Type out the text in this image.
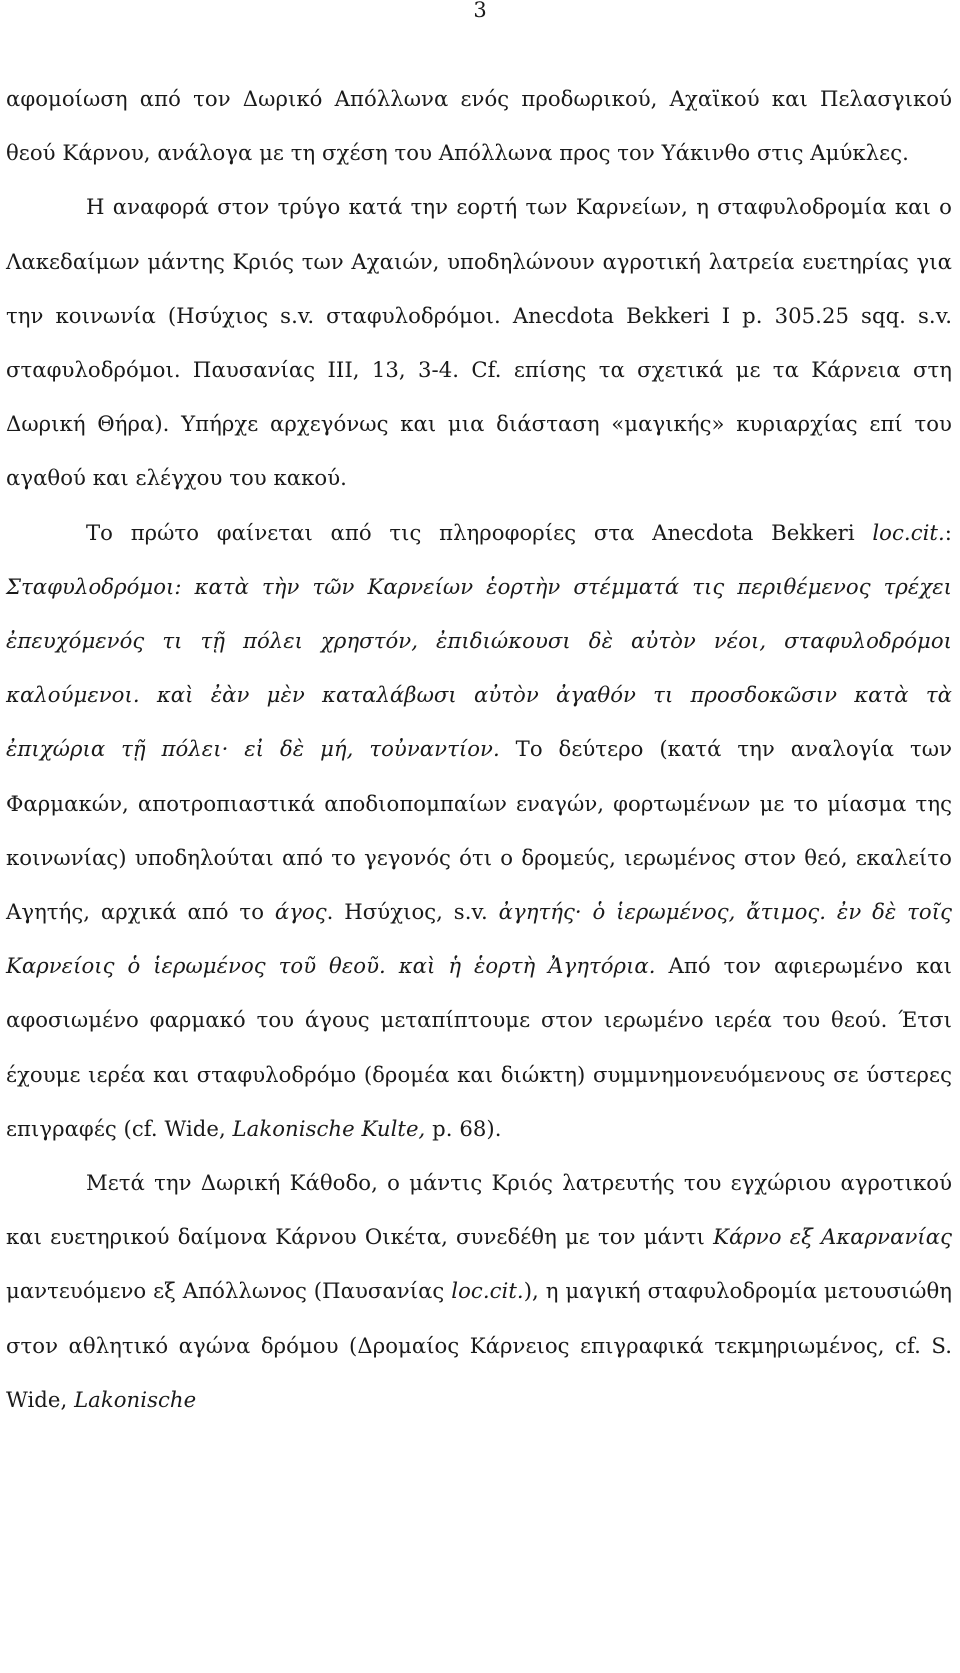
3

αφομοίωση από τον Δωρικό Απόλλωνα ενός προδωρικού, Αχαϊκού και Πελασγικού θεού Κάρνου, ανάλογα με τη σχέση του Απόλλωνα προς τον Υάκινθο στις Αμύκλες.

Η αναφορά στον τρύγο κατά την εορτή των Καρνείων, η σταφυλοδρομία και ο Λακεδαίμων μάντης Κριός των Αχαιών, υποδηλώνουν αγροτική λατρεία ευετηρίας για την κοινωνία (Ησύχιος s.v. σταφυλοδρόμοι. Anecdota Bekkeri I p. 305.25 sqq. s.v. σταφυλοδρόμοι. Παυσανίας III, 13, 3-4. Cf. επίσης τα σχετικά με τα Κάρνεια στη Δωρική Θήρα). Υπήρχε αρχεγόνως και μια διάσταση «μαγικής» κυριαρχίας επί του αγαθού και ελέγχου του κακού.

Το πρώτο φαίνεται από τις πληροφορίες στα Anecdota Bekkeri loc.cit.: Σταφυλοδρόμοι: κατὰ τὴν τῶν Καρνείων ἑορτὴν στέμματά τις περιθέμενος τρέχει ἐπευχόμενός τι τῇ πόλει χρηστόν, ἐπιδιώκουσι δὲ αὐτὸν νέοι, σταφυλοδρόμοι καλούμενοι. καὶ ἐὰν μὲν καταλάβωσι αὐτὸν ἀγαθόν τι προσδοκῶσιν κατὰ τὰ ἐπιχώρια τῇ πόλει· εἰ δὲ μή, τοὐναντίον. Το δεύτερο (κατά την αναλογία των Φαρμακών, αποτροπιαστικά αποδιοπομπαίων εναγών, φορτωμένων με το μίασμα της κοινωνίας) υποδηλούται από το γεγονός ότι ο δρομεύς, ιερωμένος στον θεό, εκαλείτο Αγητής, αρχικά από το άγος. Ησύχιος, s.v. ἀγητής· ὁ ἱερωμένος, ἄτιμος. ἐν δὲ τοῖς Καρνείοις ὁ ἱερωμένος τοῦ θεοῦ. καὶ ἡ ἑορτὴ Ἀγητόρια. Από τον αφιερωμένο και αφοσιωμένο φαρμακό του άγους μεταπίπτουμε στον ιερωμένο ιερέα του θεού. Έτσι έχουμε ιερέα και σταφυλοδρόμο (δρομέα και διώκτη) συμμνημονευόμενους σε ύστερες επιγραφές (cf. Wide, Lakonische Kulte, p. 68).

Μετά την Δωρική Κάθοδο, ο μάντις Κριός λατρευτής του εγχώριου αγροτικού και ευετηρικού δαίμονα Κάρνου Οικέτα, συνεδέθη με τον μάντι Κάρνο εξ Ακαρνανίας μαντευόμενο εξ Απόλλωνος (Παυσανίας loc.cit.), η μαγική σταφυλοδρομία μετουσιώθη στον αθλητικό αγώνα δρόμου (Δρομαίος Κάρνειος επιγραφικά τεκμηριωμένος, cf. S. Wide, Lakonische
